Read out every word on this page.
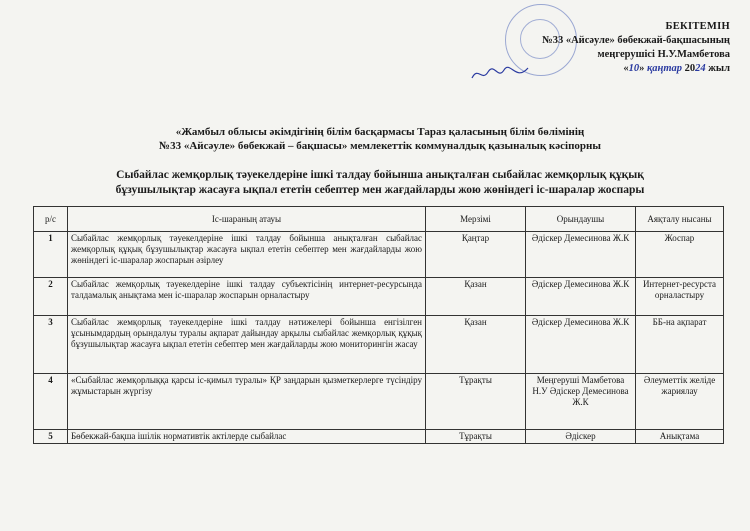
БЕКІТЕМІН
№33 «Айсәуле» бөбекжай-бақшасының
меңгерушісі Н.У.Мамбетова
«10» қаңтар 2024 жыл
«Жамбыл облысы әкімдігінің білім басқармасы Тараз қаласының білім бөлімінің
№33 «Айсәуле» бөбекжай – бақшасы» мемлекеттік коммуналдық қазыналық кәсіпорны
Сыбайлас жемқорлық тәуекелдеріне ішкі талдау бойынша анықталған сыбайлас жемқорлық құқық
бұзушылықтар жасауға ықпал ететін себептер мен жағдайларды жою жөніндегі іс-шаралар жоспары
р/с	Іс-шараның атауы	Мерзімі	Орындаушы	Аяқталу нысаны
1	Сыбайлас жемқорлық тәуекелдеріне ішкі талдау бойынша анықталған сыбайлас жемқорлық құқық бұзушылықтар жасауға ықпал ететін себептер мен жағдайларды жою жөніндегі іс-шаралар жоспарын әзірлеу	Қаңтар	Әдіскер Демесинова Ж.К	Жоспар
2	Сыбайлас жемқорлық тәуекелдеріне ішкі талдау субъектісінің интернет-ресурсында талдамалық анықтама мен іс-шаралар жоспарын орналастыру	Қазан	Әдіскер Демесинова Ж.К	Интернет-ресурста орналастыру
3	Сыбайлас жемқорлық тәуекелдеріне ішкі талдау нәтижелері бойынша енгізілген ұсынымдардың орындалуы туралы ақпарат дайындау арқылы сыбайлас жемқорлық құқық бұзушылықтар жасауға ықпал ететін себептер мен жағдайларды жою мониторингін жасау	Қазан	Әдіскер Демесинова Ж.К	ББ-на ақпарат
4	«Сыбайлас жемқорлыққа қарсы іс-қимыл туралы» ҚР заңдарын қызметкерлерге түсіндіру жұмыстарын жүргізу	Тұрақты	Меңгеруші Мамбетова Н.У Әдіскер Демесинова Ж.К	Әлеуметтік желіде жариялау
5	Бөбекжай-бақша ішілік нормативтік актілерде сыбайлас	Тұрақты	Әдіскер	Анықтама
